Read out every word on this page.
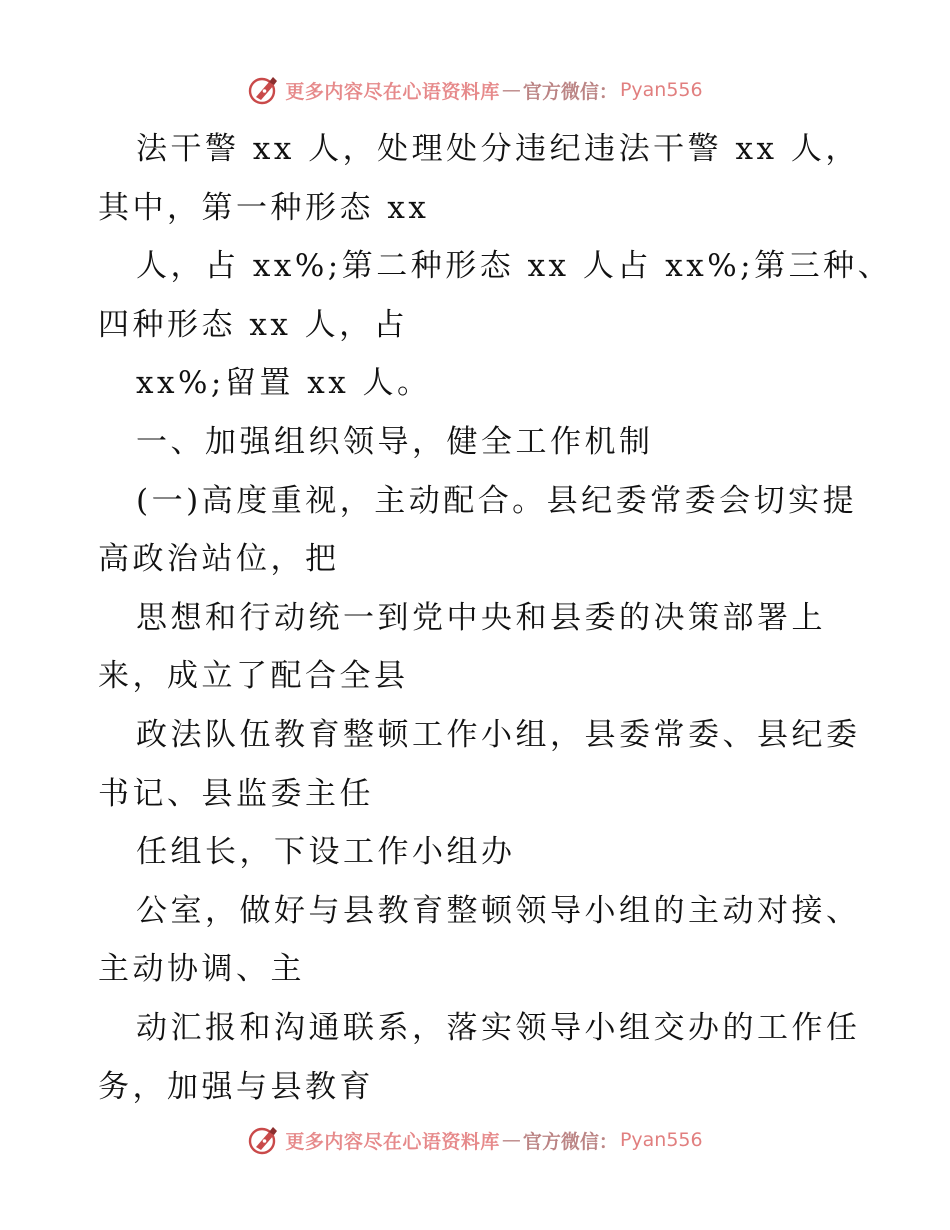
更多内容尽在心语资料库 — 官方微信： Pyan556
法干警 xx 人，处理处分违纪违法干警 xx 人，
其中，第一种形态 xx
人，占 xx%;第二种形态 xx 人占 xx%;第三种、
四种形态 xx 人，占
xx%;留置 xx 人。
一、加强组织领导，健全工作机制
(一)高度重视，主动配合。县纪委常委会切实提
高政治站位，把
思想和行动统一到党中央和县委的决策部署上
来，成立了配合全县
政法队伍教育整顿工作小组，县委常委、县纪委
书记、县监委主任
任组长，下设工作小组办
公室，做好与县教育整顿领导小组的主动对接、
主动协调、主
动汇报和沟通联系，落实领导小组交办的工作任
务，加强与县教育
更多内容尽在心语资料库 — 官方微信： Pyan556
